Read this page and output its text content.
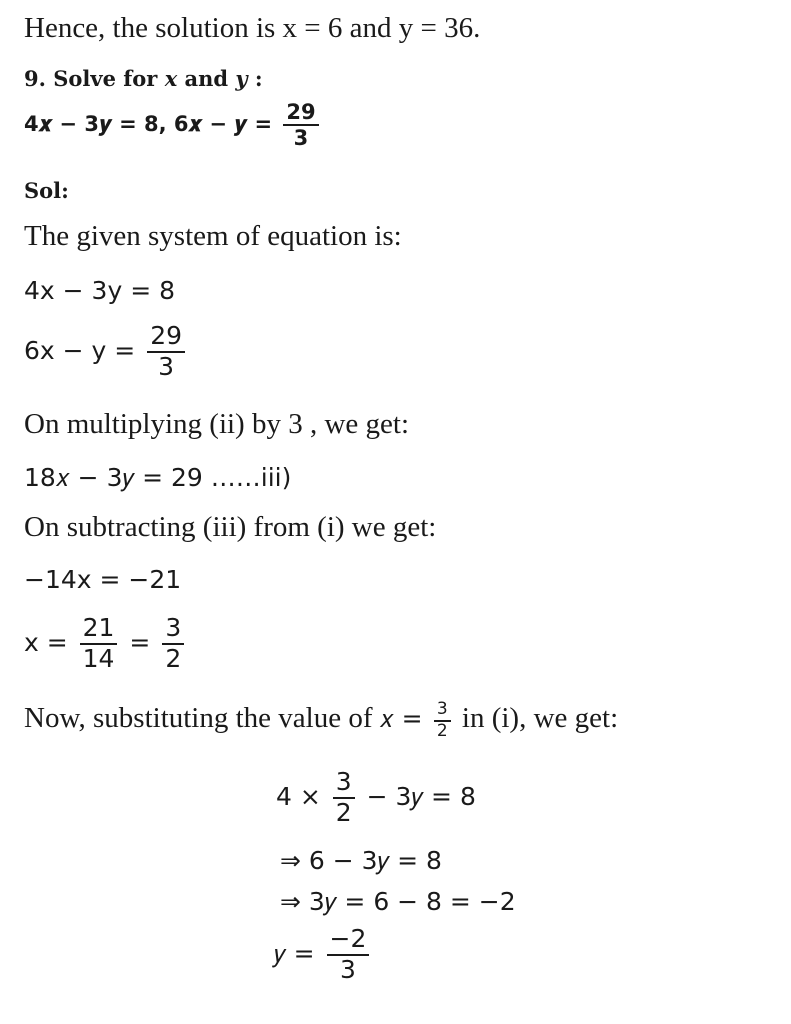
Hence, the solution is x = 6 and y = 36.
9. Solve for x and y :
4𝒙 − 3𝒚 = 8, 6𝒙 − 𝒚 = $\frac{29}{3}$
Sol:
The given system of equation is:
4x − 3y = 8
$6x - y = \frac{29}{3}$
On multiplying (ii) by 3 , we get:
18𝑥 − 3𝑦 = 29 ……iii)
On subtracting (iii) from (i) we get:
−14x = −21
$x = \frac{21}{14} = \frac{3}{2}$
Now, substituting the value of 𝑥 = $\frac{3}{2}$ in (i), we get:
$4 \times \frac{3}{2}$ − 3𝑦 = 8
⇒ 6 − 3𝑦 = 8
⇒ 3𝑦 = 6 − 8 = −2
𝑦 = $\frac{-2}{3}$
